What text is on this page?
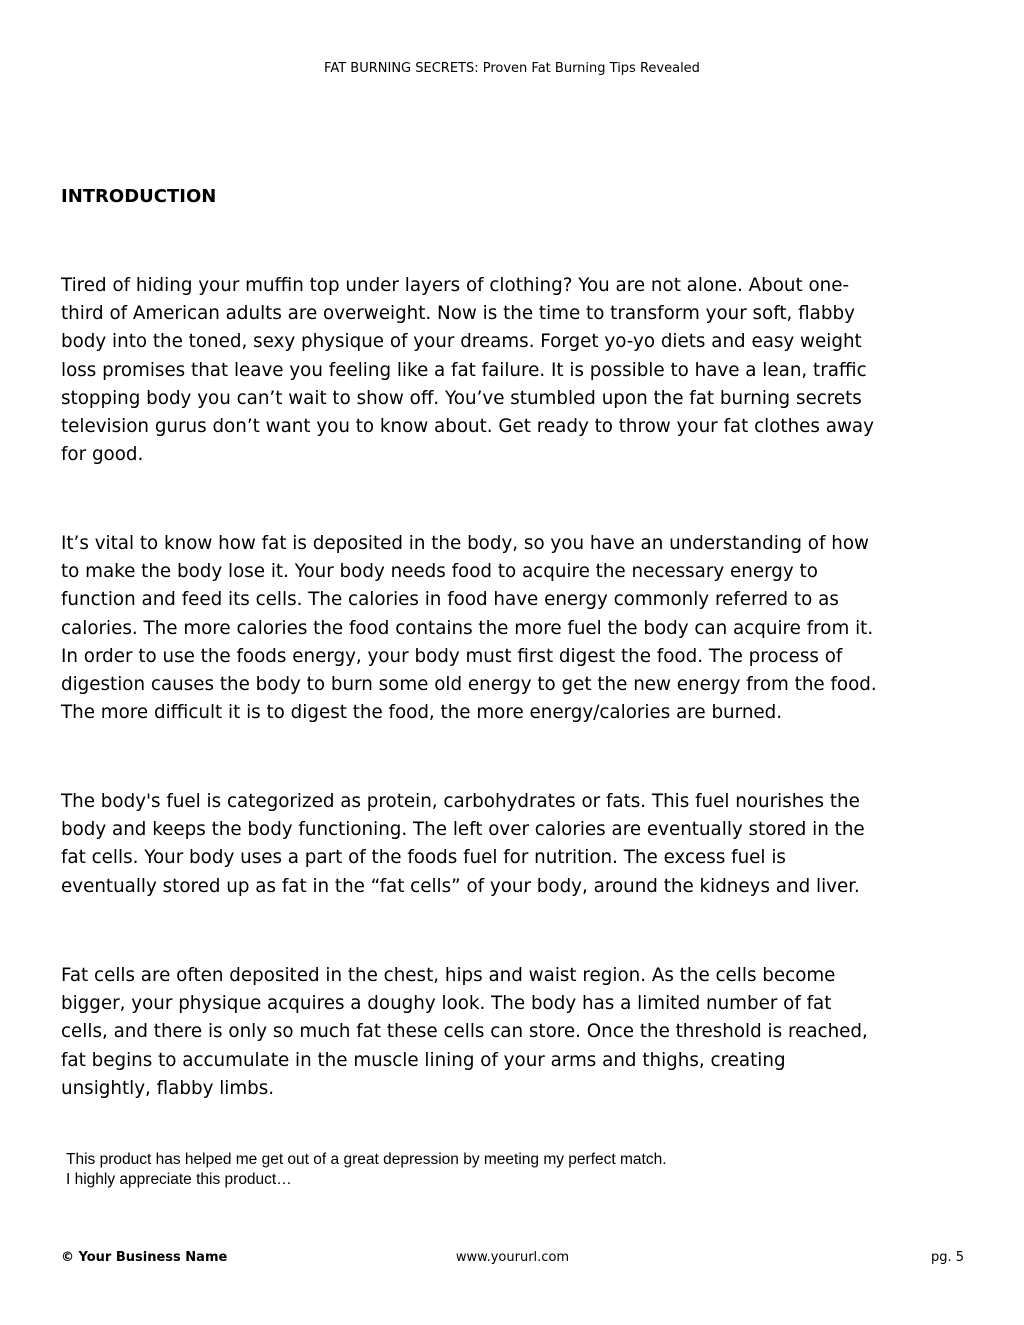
FAT BURNING SECRETS: Proven Fat Burning Tips Revealed
INTRODUCTION

Tired of hiding your muffin top under layers of clothing? You are not alone. About one-
third of American adults are overweight. Now is the time to transform your soft, flabby
body into the toned, sexy physique of your dreams. Forget yo-yo diets and easy weight
loss promises that leave you feeling like a fat failure. It is possible to have a lean, traffic
stopping body you can’t wait to show off. You’ve stumbled upon the fat burning secrets
television gurus don’t want you to know about. Get ready to throw your fat clothes away
for good.

It’s vital to know how fat is deposited in the body, so you have an understanding of how
to make the body lose it. Your body needs food to acquire the necessary energy to
function and feed its cells. The calories in food have energy commonly referred to as
calories. The more calories the food contains the more fuel the body can acquire from it.
In order to use the foods energy, your body must first digest the food. The process of
digestion causes the body to burn some old energy to get the new energy from the food.
The more difficult it is to digest the food, the more energy/calories are burned.

The body's fuel is categorized as protein, carbohydrates or fats. This fuel nourishes the
body and keeps the body functioning. The left over calories are eventually stored in the
fat cells. Your body uses a part of the foods fuel for nutrition. The excess fuel is
eventually stored up as fat in the “fat cells” of your body, around the kidneys and liver.

Fat cells are often deposited in the chest, hips and waist region. As the cells become
bigger, your physique acquires a doughy look. The body has a limited number of fat
cells, and there is only so much fat these cells can store. Once the threshold is reached,
fat begins to accumulate in the muscle lining of your arms and thighs, creating
unsightly, flabby limbs.

This product has helped me get out of a great depression by meeting my perfect match.
I highly appreciate this product…
© Your Business Name	www.yoururl.com	pg. 5
